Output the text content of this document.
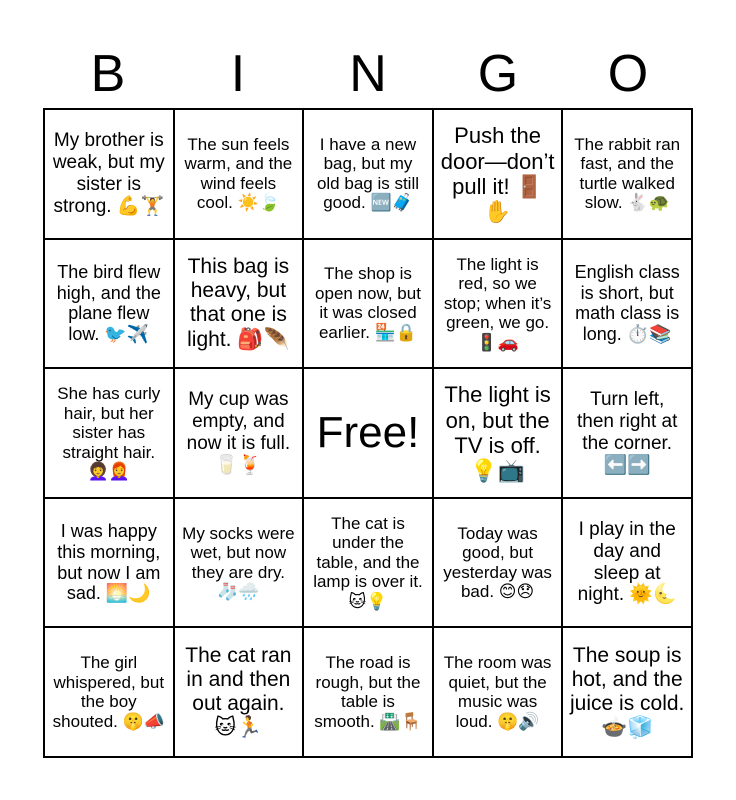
B	I	N	G	O
My brother is weak, but my sister is strong. 💪🏋️
The sun feels warm, and the wind feels cool. ☀️🍃
I have a new bag, but my old bag is still good. 🆕🧳
Push the door—don’t pull it! 🚪✋
The rabbit ran fast, and the turtle walked slow. 🐇🐢
The bird flew high, and the plane flew low. 🐦✈️
This bag is heavy, but that one is light. 🎒🪶
The shop is open now, but it was closed earlier. 🏪🔒
The light is red, so we stop; when it’s green, we go. 🚦🚗
English class is short, but math class is long. ⏱️📚
She has curly hair, but her sister has straight hair. 👩‍🦱👩‍🦰
My cup was empty, and now it is full. 🥛🍹
Free!
The light is on, but the TV is off. 💡📺
Turn left, then right at the corner. ⬅️➡️
I was happy this morning, but now I am sad. 🌅🌙
My socks were wet, but now they are dry. 🧦🌧️
The cat is under the table, and the lamp is over it. 🐱💡
Today was good, but yesterday was bad. 😊😞
I play in the day and sleep at night. 🌞🌜
The girl whispered, but the boy shouted. 🤫📣
The cat ran in and then out again. 🐱🏃
The road is rough, but the table is smooth. 🛣️🪑
The room was quiet, but the music was loud. 🤫🔊
The soup is hot, and the juice is cold. 🍲🧊
